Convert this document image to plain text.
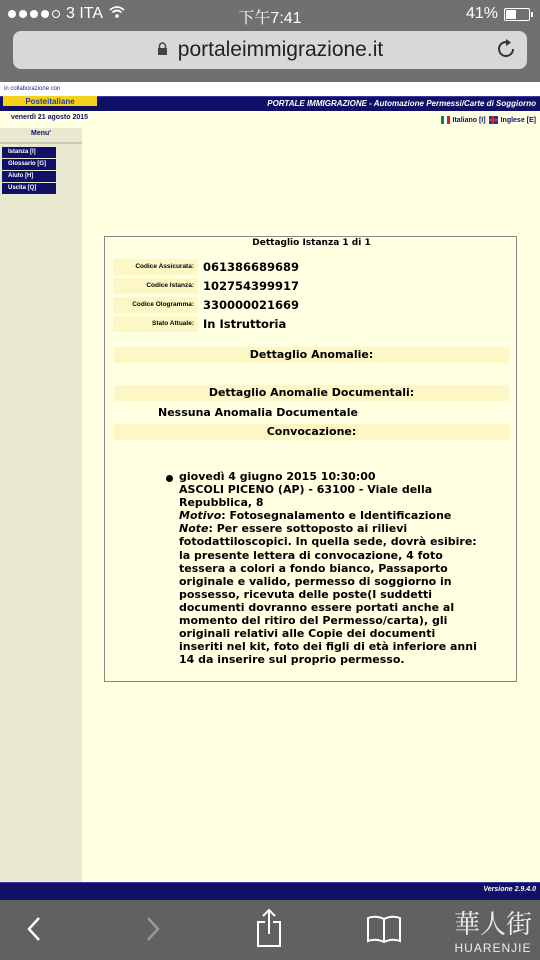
3 ITA	下午7:41	41%
portaleimmigrazione.it
in collaborazione con
PORTALE IMMIGRAZIONE - Automazione Permessi/Carte di Soggiorno
Posteitaliane
venerdì 21 agosto 2015	Italiano [I] Inglese [E]
Menu'
Istanza [I]
Glossario [G]
Aiuto [H]
Uscita [Q]
Dettaglio Istanza 1 di 1
Codice Assicurata: 061386689689
Codice Istanza: 102754399917
Codice Ologramma: 330000021669
Stato Attuale: In Istruttoria
Dettaglio Anomalie:
Dettaglio Anomalie Documentali:
Nessuna Anomalia Documentale
Convocazione:
giovedì 4 giugno 2015 10:30:00
ASCOLI PICENO (AP) - 63100 - Viale della Repubblica, 8
Motivo: Fotosegnalamento e Identificazione
Note: Per essere sottoposto ai rilievi fotodattiloscopici. In quella sede, dovrà esibire: la presente lettera di convocazione, 4 foto tessera a colori a fondo bianco, Passaporto originale e valido, permesso di soggiorno in possesso, ricevuta delle poste(I suddetti documenti dovranno essere portati anche al momento del ritiro del Permesso/carta), gli originali relativi alle Copie dei documenti inseriti nel kit, foto dei figli di età inferiore anni 14 da inserire sul proprio permesso.
Versione 2.9.4.0
華人街
HUARENJIE
